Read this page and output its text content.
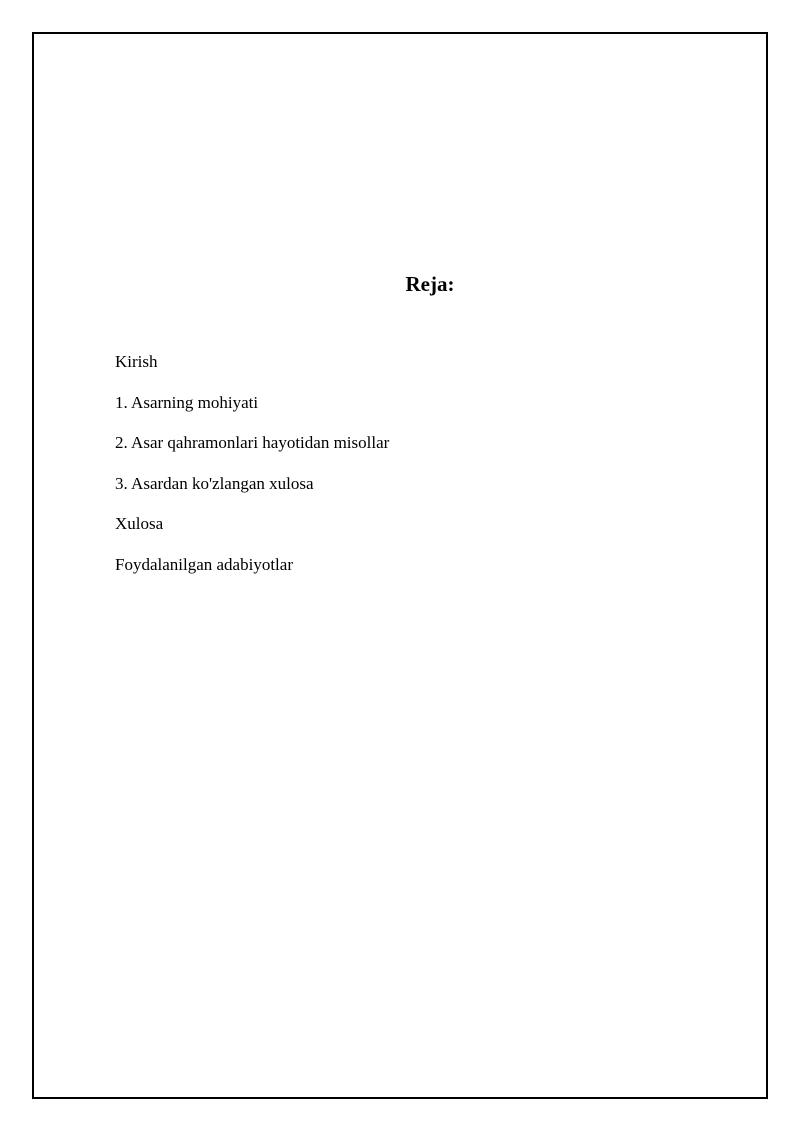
Reja:
Kirish
1. Asarning mohiyati
2. Asar qahramonlari hayotidan misollar
3. Asardan ko'zlangan xulosa
Xulosa
Foydalanilgan adabiyotlar
